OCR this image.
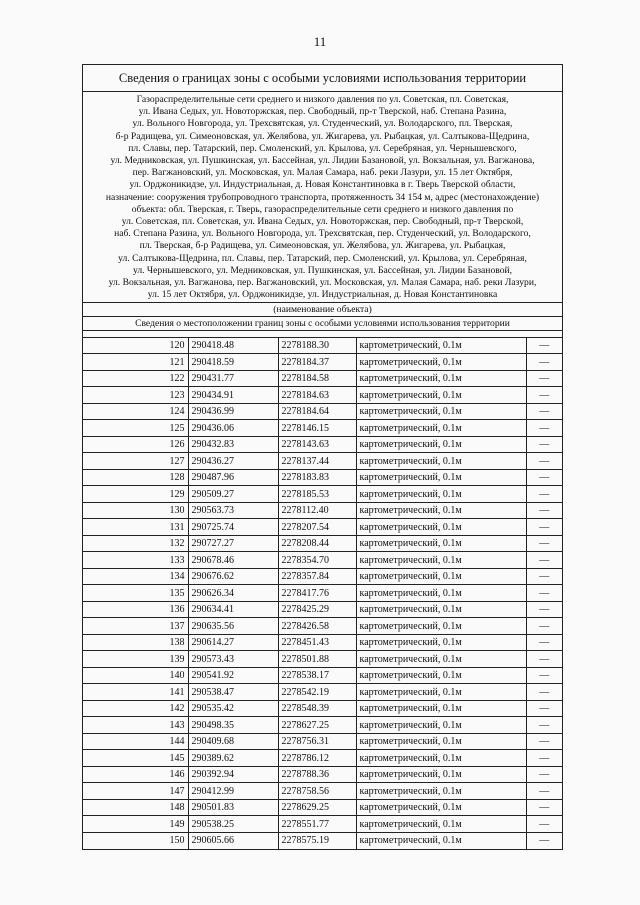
11
Сведения о границах зоны с особыми условиями использования территории
Газораспределительные сети среднего и низкого давления по ул. Советская, пл. Советская,
ул. Ивана Седых, ул. Новоторжская, пер. Свободный, пр-т Тверской, наб. Степана Разина,
ул. Вольного Новгорода, ул. Трехсвятская, ул. Студенческий, ул. Володарского, пл. Тверская,
б-р Радищева, ул. Симеоновская, ул. Желябова, ул. Жигарева, ул. Рыбацкая, ул. Салтыкова-Щедрина,
пл. Славы, пер. Татарский, пер. Смоленский, ул. Крылова, ул. Серебряная, ул. Чернышевского,
ул. Медниковская, ул. Пушкинская, ул. Бассейная, ул. Лидии Базановой, ул. Вокзальная, ул. Вагжанова,
пер. Вагжановский, ул. Московская, ул. Малая Самара, наб. реки Лазури, ул. 15 лет Октября,
ул. Орджоникидзе, ул. Индустриальная, д. Новая Константиновка в г. Тверь Тверской области,
назначение: сооружения трубопроводного транспорта, протяженность 34 154 м, адрес (местонахождение)
объекта: обл. Тверская, г. Тверь, газораспределительные сети среднего и низкого давления по
ул. Советская, пл. Советская, ул. Ивана Седых, ул. Новоторжская, пер. Свободный, пр-т Тверской,
наб. Степана Разина, ул. Вольного Новгорода, ул. Трехсвятская, пер. Студенческий, ул. Володарского,
пл. Тверская, б-р Радищева, ул. Симеоновская, ул. Желябова, ул. Жигарева, ул. Рыбацкая,
ул. Салтыкова-Щедрина, пл. Славы, пер. Татарский, пер. Смоленский, ул. Крылова, ул. Серебряная,
ул. Чернышевского, ул. Медниковская, ул. Пушкинская, ул. Бассейная, ул. Лидии Базановой,
ул. Вокзальная, ул. Вагжанова, пер. Вагжановский, ул. Московская, ул. Малая Самара, наб. реки Лазури,
ул. 15 лет Октября, ул. Орджоникидзе, ул. Индустриальная, д. Новая Константиновка
(наименование объекта)
Сведения о местоположении границ зоны с особыми условиями использования территории

120	290418.48	2278188.30	картометрический, 0.1м	—
121	290418.59	2278184.37	картометрический, 0.1м	—
122	290431.77	2278184.58	картометрический, 0.1м	—
123	290434.91	2278184.63	картометрический, 0.1м	—
124	290436.99	2278184.64	картометрический, 0.1м	—
125	290436.06	2278146.15	картометрический, 0.1м	—
126	290432.83	2278143.63	картометрический, 0.1м	—
127	290436.27	2278137.44	картометрический, 0.1м	—
128	290487.96	2278183.83	картометрический, 0.1м	—
129	290509.27	2278185.53	картометрический, 0.1м	—
130	290563.73	2278112.40	картометрический, 0.1м	—
131	290725.74	2278207.54	картометрический, 0.1м	—
132	290727.27	2278208.44	картометрический, 0.1м	—
133	290678.46	2278354.70	картометрический, 0.1м	—
134	290676.62	2278357.84	картометрический, 0.1м	—
135	290626.34	2278417.76	картометрический, 0.1м	—
136	290634.41	2278425.29	картометрический, 0.1м	—
137	290635.56	2278426.58	картометрический, 0.1м	—
138	290614.27	2278451.43	картометрический, 0.1м	—
139	290573.43	2278501.88	картометрический, 0.1м	—
140	290541.92	2278538.17	картометрический, 0.1м	—
141	290538.47	2278542.19	картометрический, 0.1м	—
142	290535.42	2278548.39	картометрический, 0.1м	—
143	290498.35	2278627.25	картометрический, 0.1м	—
144	290409.68	2278756.31	картометрический, 0.1м	—
145	290389.62	2278786.12	картометрический, 0.1м	—
146	290392.94	2278788.36	картометрический, 0.1м	—
147	290412.99	2278758.56	картометрический, 0.1м	—
148	290501.83	2278629.25	картометрический, 0.1м	—
149	290538.25	2278551.77	картометрический, 0.1м	—
150	290605.66	2278575.19	картометрический, 0.1м	—
